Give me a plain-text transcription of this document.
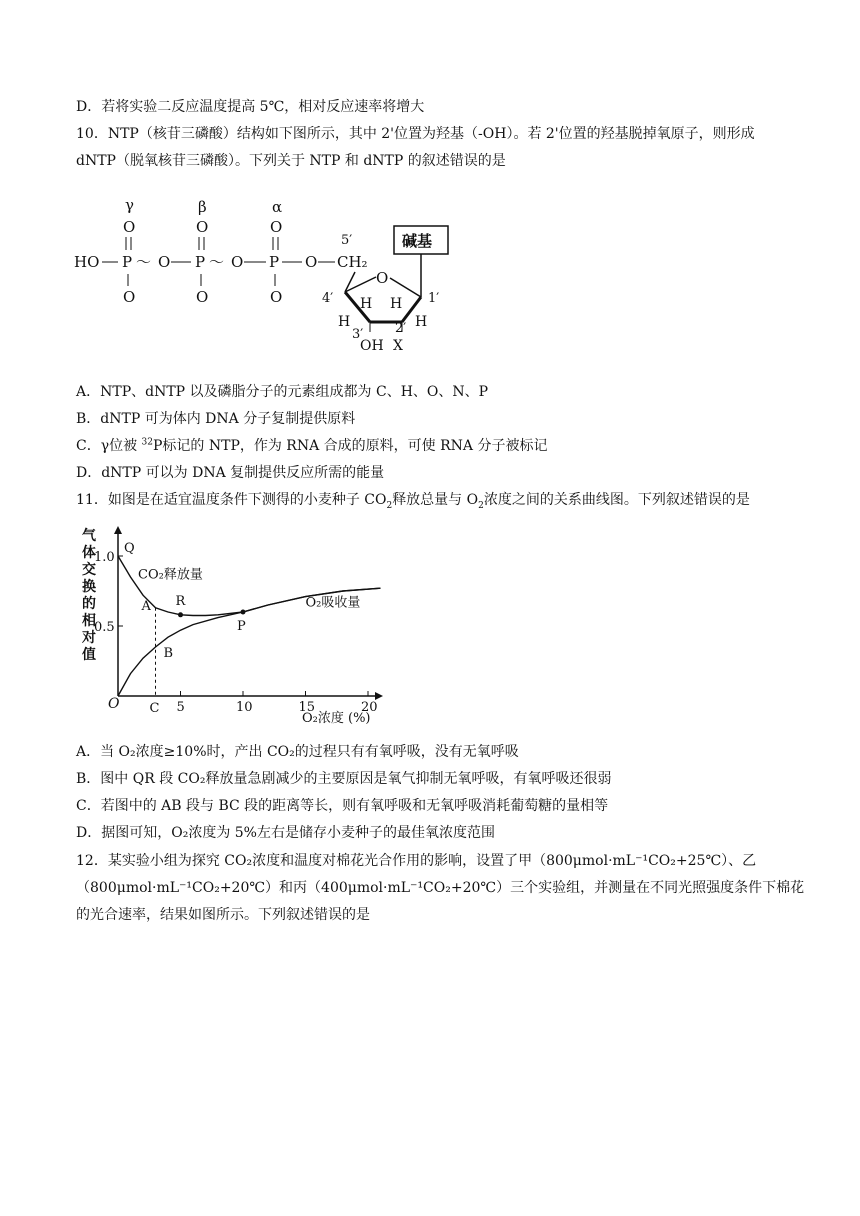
D．若将实验二反应温度提高 5℃，相对反应速率将增大
10．NTP（核苷三磷酸）结构如下图所示，其中 2'位置为羟基（-OH）。若 2'位置的羟基脱掉氧原子，则形成
dNTP（脱氧核苷三磷酸）。下列关于 NTP 和 dNTP 的叙述错误的是
γ	β	α
O	O	O
HO P ～ O P ～ O P O CH₂
5′
O	O	O
碱基
O
4′	1′
H H
H
3′ 2′ H
OH X
A．NTP、dNTP 以及磷脂分子的元素组成都为 C、H、O、N、P
B．dNTP 可为体内 DNA 分子复制提供原料
C．γ位被 $^{32}$P标记的 NTP，作为 RNA 合成的原料，可使 RNA 分子被标记
D．dNTP 可以为 DNA 复制提供反应所需的能量
11．如图是在适宜温度条件下测得的小麦种子 $CO_2$释放总量与 $O_2$浓度之间的关系曲线图。下列叙述错误的是
气体交换的相对值
5	10	15	20
0.5
1.0
CO₂释放量
O₂吸收量
Q
R
P
A
B
C
O
O₂浓度 (%)
A．当 O₂浓度≥10%时，产出 CO₂的过程只有有氧呼吸，没有无氧呼吸
B．图中 QR 段 CO₂释放量急剧减少的主要原因是氧气抑制无氧呼吸，有氧呼吸还很弱
C．若图中的 AB 段与 BC 段的距离等长，则有氧呼吸和无氧呼吸消耗葡萄糖的量相等
D．据图可知，O₂浓度为 5%左右是储存小麦种子的最佳氧浓度范围
12．某实验小组为探究 CO₂浓度和温度对棉花光合作用的影响，设置了甲（800μmol·mL⁻¹CO₂+25℃）、乙
（800μmol·mL⁻¹CO₂+20℃）和丙（400μmol·mL⁻¹CO₂+20℃）三个实验组，并测量在不同光照强度条件下棉花
的光合速率，结果如图所示。下列叙述错误的是
